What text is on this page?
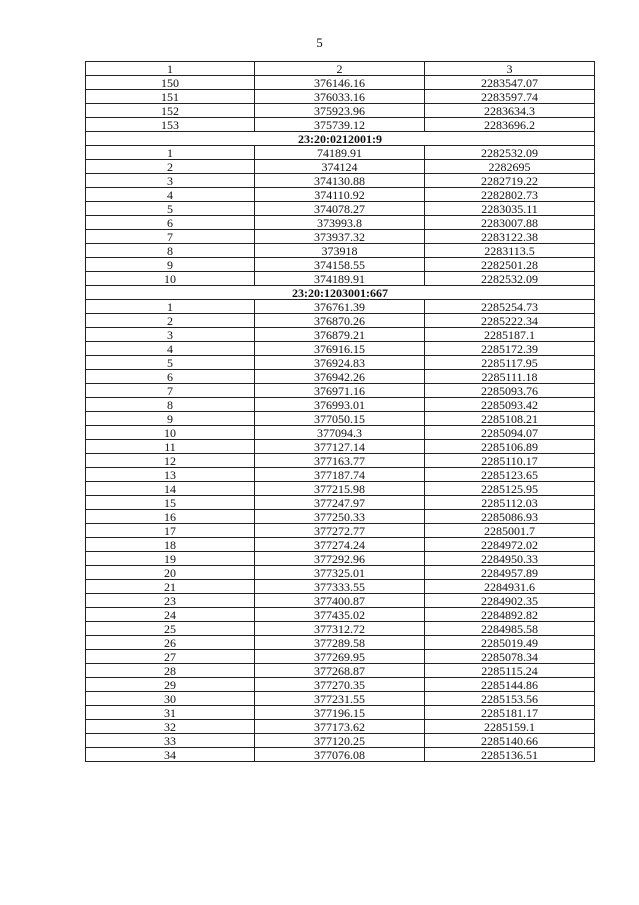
5
1	2	3
150	376146.16	2283547.07
151	376033.16	2283597.74
152	375923.96	2283634.3
153	375739.12	2283696.2
23:20:0212001:9		
1	74189.91	2282532.09
2	374124	2282695
3	374130.88	2282719.22
4	374110.92	2282802.73
5	374078.27	2283035.11
6	373993.8	2283007.88
7	373937.32	2283122.38
8	373918	2283113.5
9	374158.55	2282501.28
10	374189.91	2282532.09
23:20:1203001:667		
1	376761.39	2285254.73
2	376870.26	2285222.34
3	376879.21	2285187.1
4	376916.15	2285172.39
5	376924.83	2285117.95
6	376942.26	2285111.18
7	376971.16	2285093.76
8	376993.01	2285093.42
9	377050.15	2285108.21
10	377094.3	2285094.07
11	377127.14	2285106.89
12	377163.77	2285110.17
13	377187.74	2285123.65
14	377215.98	2285125.95
15	377247.97	2285112.03
16	377250.33	2285086.93
17	377272.77	2285001.7
18	377274.24	2284972.02
19	377292.96	2284950.33
20	377325.01	2284957.89
21	377333.55	2284931.6
23	377400.87	2284902.35
24	377435.02	2284892.82
25	377312.72	2284985.58
26	377289.58	2285019.49
27	377269.95	2285078.34
28	377268.87	2285115.24
29	377270.35	2285144.86
30	377231.55	2285153.56
31	377196.15	2285181.17
32	377173.62	2285159.1
33	377120.25	2285140.66
34	377076.08	2285136.51
